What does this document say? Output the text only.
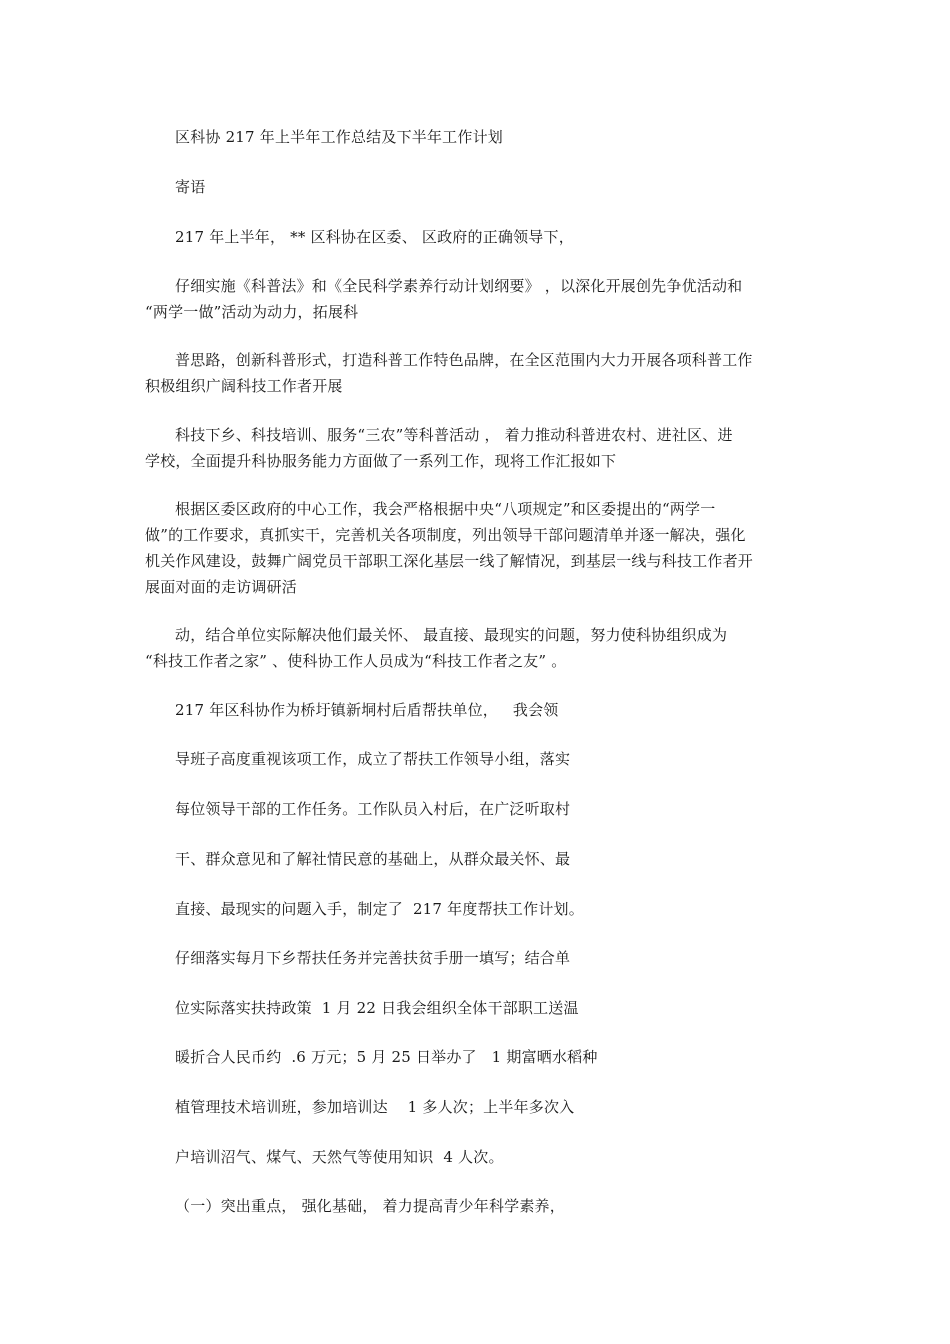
区科协 217 年上半年工作总结及下半年工作计划
寄语
217 年上半年， ** 区科协在区委、 区政府的正确领导下，
仔细实施《科普法》和《全民科学素养行动计划纲要》 ，以深化开展创先争优活动和
“两学一做”活动为动力，拓展科
普思路，创新科普形式，打造科普工作特色品牌，在全区范围内大力开展各项科普工作
积极组织广阔科技工作者开展
科技下乡、科技培训、服务“三农”等科普活动 ， 着力推动科普进农村、进社区、进
学校，全面提升科协服务能力方面做了一系列工作，现将工作汇报如下
根据区委区政府的中心工作，我会严格根据中央“八项规定”和区委提出的“两学一
做”的工作要求，真抓实干，完善机关各项制度，列出领导干部问题清单并逐一解决，强化
机关作风建设，鼓舞广阔党员干部职工深化基层一线了解情况，到基层一线与科技工作者开
展面对面的走访调研活
动，结合单位实际解决他们最关怀、 最直接、最现实的问题，努力使科协组织成为
“科技工作者之家” 、使科协工作人员成为“科技工作者之友” 。
217 年区科协作为桥圩镇新垌村后盾帮扶单位，   我会领
导班子高度重视该项工作，成立了帮扶工作领导小组，落实
每位领导干部的工作任务。工作队员入村后，在广泛听取村
干、群众意见和了解社情民意的基础上，从群众最关怀、最
直接、最现实的问题入手，制定了  217 年度帮扶工作计划。
仔细落实每月下乡帮扶任务并完善扶贫手册一填写；结合单
位实际落实扶持政策  1 月 22 日我会组织全体干部职工送温
暖折合人民币约  .6 万元；5 月 25 日举办了   1 期富晒水稻种
植管理技术培训班，参加培训达    1 多人次；上半年多次入
户培训沼气、煤气、天然气等使用知识  4 人次。
（一）突出重点， 强化基础， 着力提高青少年科学素养，
